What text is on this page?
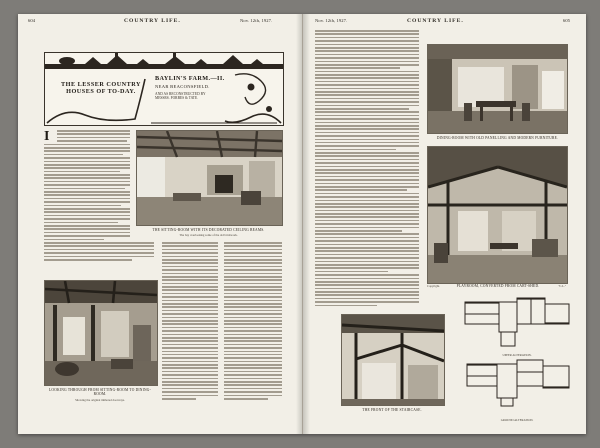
604	COUNTRY LIFE.	Nov. 12th, 1927.
THE LESSER COUNTRY HOUSES OF TO-DAY.
BAYLIN'S FARM.—II.
NEAR BEACONSFIELD.
AND AS RECONSTRUCTED BY
MESSRS. FORBES & TATE.
I
THE SITTING-ROOM WITH ITS DECORATED CEILING BEAMS.
The bay overlooking some of the old brickwork.
LOOKING THROUGH FROM SITTING-ROOM TO DINING-ROOM.
Showing the original timbered doorways.
Nov. 12th, 1927.	COUNTRY LIFE.	605
DINING-ROOM WITH OLD PANELLING AND MODERN FURNITURE.
Copyright.	PLAYROOM, CONVERTED FROM CART-SHED.	"C.L."
UPPER ALTERATION.
GROUND ALTERATION.
THE FRONT OF THE STAIRCASE.
